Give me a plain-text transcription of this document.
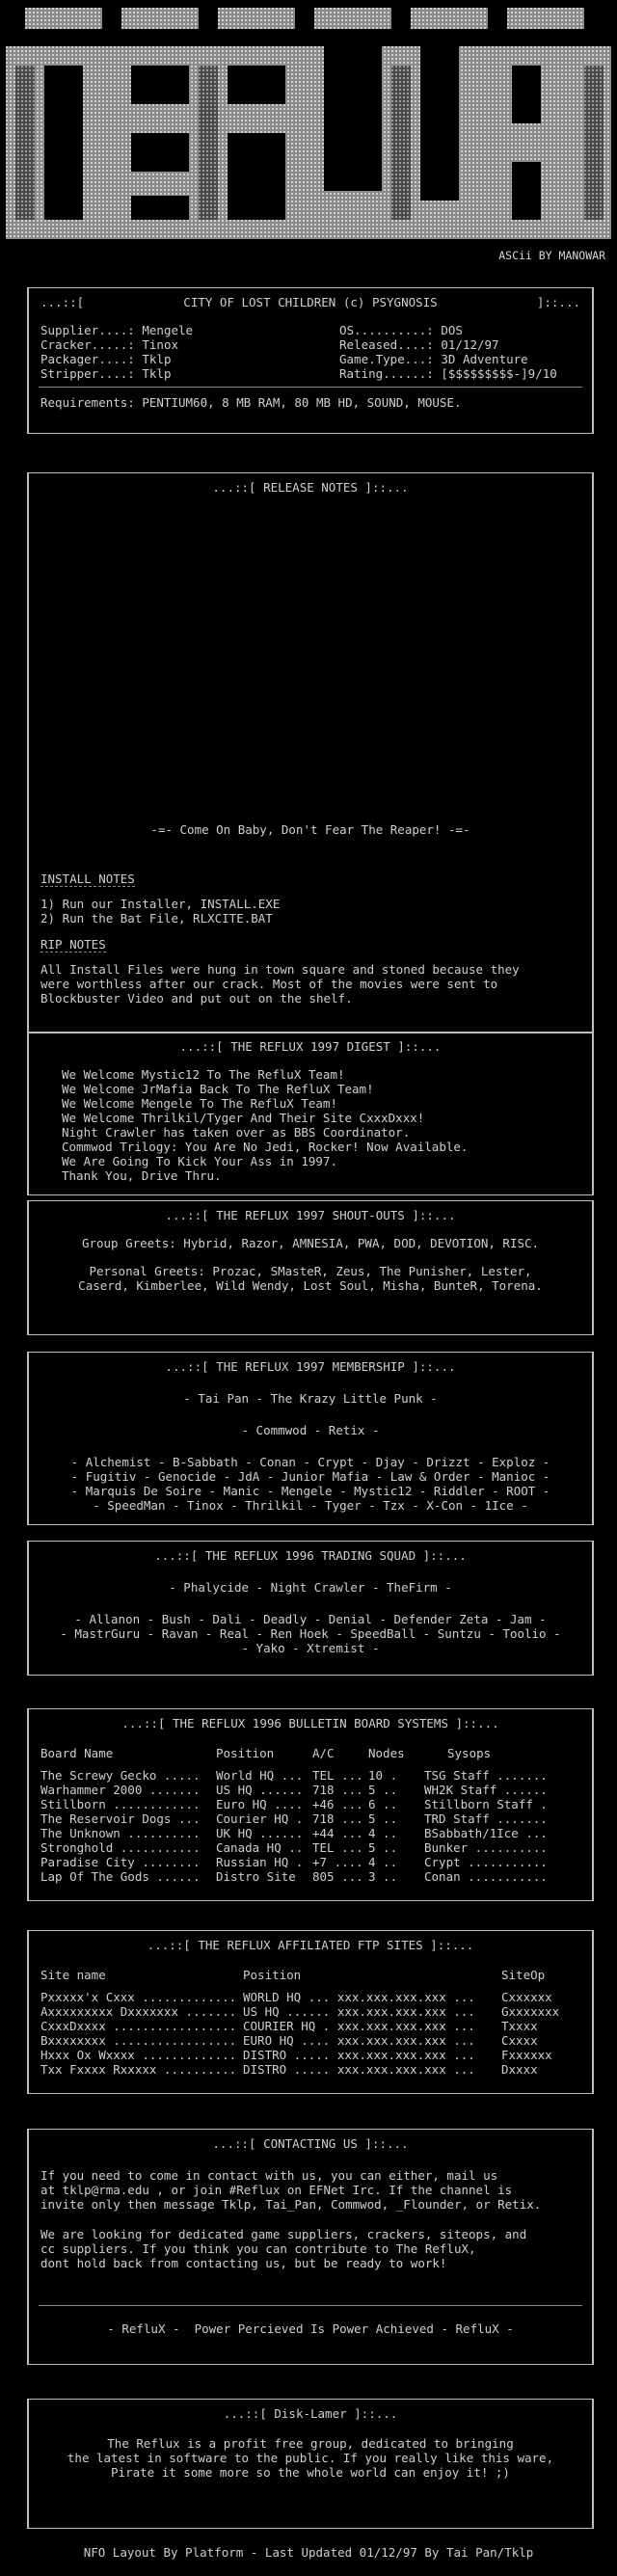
ASCii BY MANOWAR
...::[	CITY OF LOST CHILDREN (c) PSYGNOSIS	]::...
Supplier....: Mengele
Cracker.....: Tinox
Packager....: Tklp
Stripper....: Tklp
OS..........: DOS
Released....: 01/12/97
Game.Type...: 3D Adventure
Rating......: [$$$$$$$$$-]9/10
Requirements: PENTIUM60, 8 MB RAM, 80 MB HD, SOUND, MOUSE.
...::[ RELEASE NOTES ]::...
-=- Come On Baby, Don't Fear The Reaper! -=-
INSTALL NOTES
1) Run our Installer, INSTALL.EXE
2) Run the Bat File, RLXCITE.BAT
RIP NOTES
All Install Files were hung in town square and stoned because they
were worthless after our crack. Most of the movies were sent to
Blockbuster Video and put out on the shelf.
...::[ THE REFLUX 1997 DIGEST ]::...
We Welcome Mystic12 To The RefluX Team!
We Welcome JrMafia Back To The RefluX Team!
We Welcome Mengele To The RefluX Team!
We Welcome Thrilkil/Tyger And Their Site CxxxDxxx!
Night Crawler has taken over as BBS Coordinator.
Commwod Trilogy: You Are No Jedi, Rocker! Now Available.
We Are Going To Kick Your Ass in 1997.
Thank You, Drive Thru.
...::[ THE REFLUX 1997 SHOUT-OUTS ]::...
Group Greets: Hybrid, Razor, AMNESIA, PWA, DOD, DEVOTION, RISC.
Personal Greets: Prozac, SMasteR, Zeus, The Punisher, Lester,
Caserd, Kimberlee, Wild Wendy, Lost Soul, Misha, BunteR, Torena.
...::[ THE REFLUX 1997 MEMBERSHIP ]::...
- Tai Pan - The Krazy Little Punk -
- Commwod - Retix -
- Alchemist - B-Sabbath - Conan - Crypt - Djay - Drizzt - Exploz -
- Fugitiv - Genocide - JdA - Junior Mafia - Law & Order - Manioc -
- Marquis De Soire - Manic - Mengele - Mystic12 - Riddler - ROOT -
- SpeedMan - Tinox - Thrilkil - Tyger - Tzx - X-Con - 1Ice -
...::[ THE REFLUX 1996 TRADING SQUAD ]::...
- Phalycide - Night Crawler - TheFirm -
- Allanon - Bush - Dali - Deadly - Denial - Defender Zeta - Jam -
- MastrGuru - Ravan - Real - Ren Hoek - SpeedBall - Suntzu - Toolio -
- Yako - Xtremist -
...::[ THE REFLUX 1996 BULLETIN BOARD SYSTEMS ]::...
Board Name	Position	A/C	Nodes	Sysops

The Screwy Gecko .....	World HQ ...	TEL ...	10 .	TSG Staff .......
Warhammer 2000 .......	US HQ ......	718 ...	5 ..	WH2K Staff ......
Stillborn ............	Euro HQ ....	+46 ...	6 ..	Stillborn Staff .
The Reservoir Dogs ...	Courier HQ .	718 ...	5 ..	TRD Staff .......
The Unknown ..........	UK HQ ......	+44 ...	4 ..	BSabbath/1Ice ...
Stronghold ...........	Canada HQ ..	TEL ...	5 ..	Bunker ..........
Paradise City ........	Russian HQ .	+7 ....	4 ..	Crypt ...........
Lap Of The Gods ......	Distro Site	805 ...	3 ..	Conan ...........
...::[ THE REFLUX AFFILIATED FTP SITES ]::...
Site name	Position	SiteOp

Pxxxxx'x Cxxx .............	WORLD HQ ... xxx.xxx.xxx.xxx ...	Cxxxxxx
Axxxxxxxxx Dxxxxxxx .......	US HQ ...... xxx.xxx.xxx.xxx ...	Gxxxxxxx
CxxxDxxxx .................	COURIER HQ . xxx.xxx.xxx.xxx ...	Txxxx
Bxxxxxxxx .................	EURO HQ .... xxx.xxx.xxx.xxx ...	Cxxxx
Hxxx Ox Wxxxx .............	DISTRO ..... xxx.xxx.xxx.xxx ...	Fxxxxxx
Txx Fxxxx Rxxxxx ..........	DISTRO ..... xxx.xxx.xxx.xxx ...	Dxxxx
...::[ CONTACTING US ]::...
If you need to come in contact with us, you can either, mail us
at tklp@rma.edu , or join #Reflux on EFNet Irc. If the channel is
invite only then message Tklp, Tai_Pan, Commwod, _Flounder, or Retix.
We are looking for dedicated game suppliers, crackers, siteops, and
cc suppliers. If you think you can contribute to The RefluX,
dont hold back from contacting us, but be ready to work!
- RefluX -  Power Percieved Is Power Achieved - RefluX -
...::[ Disk-Lamer ]::...
The Reflux is a profit free group, dedicated to bringing
the latest in software to the public. If you really like this ware,
Pirate it some more so the whole world can enjoy it! ;)
NFO Layout By Platform - Last Updated 01/12/97 By Tai Pan/Tklp
